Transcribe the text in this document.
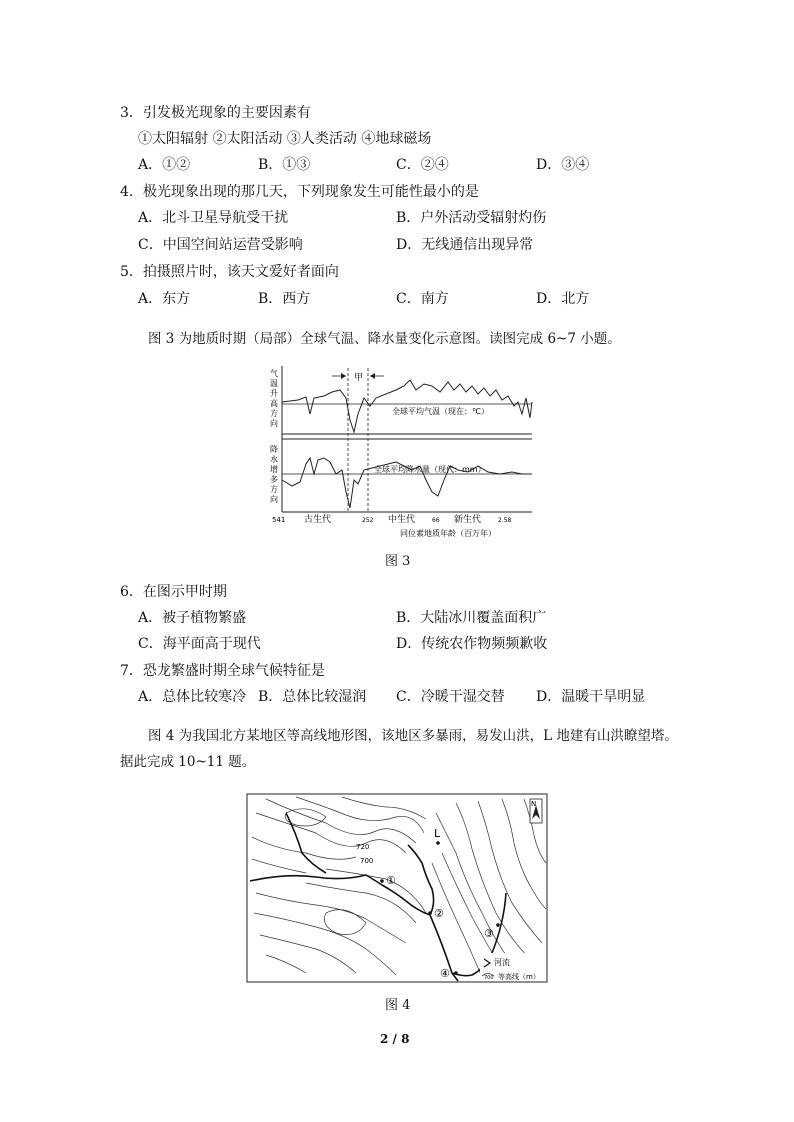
3．引发极光现象的主要因素有
①太阳辐射 ②太阳活动 ③人类活动 ④地球磁场
A．①②	B．①③	C．②④	D．③④
4．极光现象出现的那几天，下列现象发生可能性最小的是
A．北斗卫星导航受干扰	B．户外活动受辐射灼伤
C．中国空间站运营受影响	D．无线通信出现异常
5．拍摄照片时，该天文爱好者面向
A．东方	B．西方	C．南方	D．北方
图 3 为地质时期（局部）全球气温、降水量变化示意图。读图完成 6~7 小题。
甲
气
温
升
高
方
向
降
水
增
多
方
向
全球平均气温（现在：℃）
全球平均降水量（现代：mm）
541	252	66	2.58
古生代	中生代	新生代
同位素地质年龄（百万年）
图 3
6．在图示甲时期
A．被子植物繁盛	B．大陆冰川覆盖面积广
C．海平面高于现代	D．传统农作物频频歉收
7．恐龙繁盛时期全球气候特征是
A．总体比较寒冷 B．总体比较湿润 C．冷暖干湿交替 D．温暖干旱明显
图 4 为我国北方某地区等高线地形图，该地区多暴雨，易发山洪，L 地建有山洪瞭望塔。
据此完成 10~11 题。
N
L
①
②
③
④
720
700
河流
700 等高线（m）
图 4
2 / 8
